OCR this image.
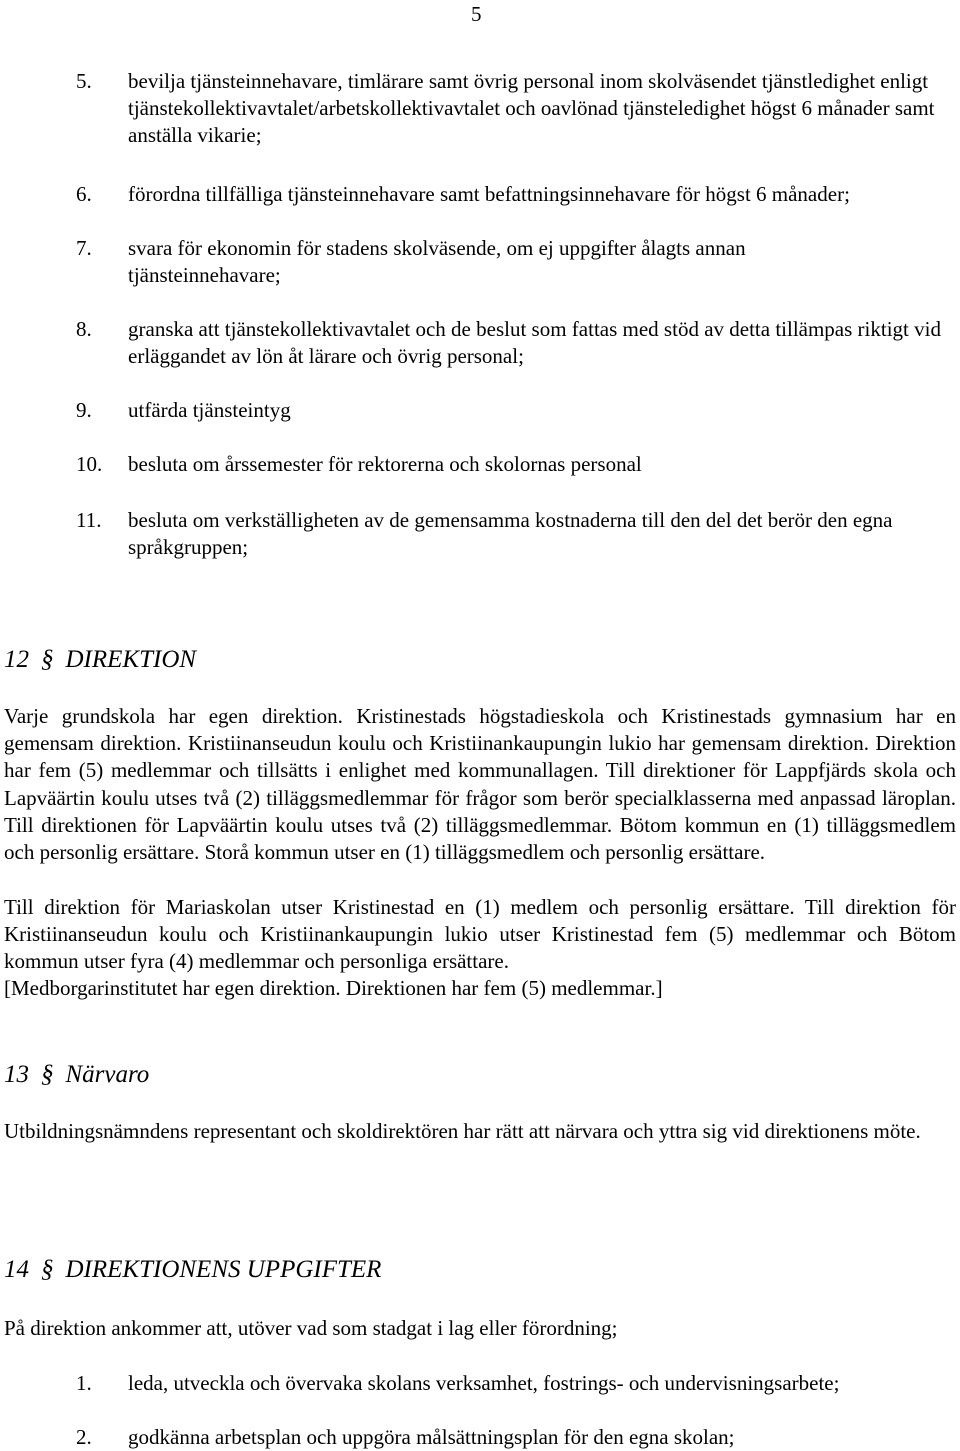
5
5. bevilja tjänsteinnehavare, timlärare samt övrig personal inom skolväsendet tjänstledighet enligt tjänstekollektivavtalet/arbetskollektivavtalet och oavlönad tjänsteledighet högst 6 månader samt anställa vikarie;
6. förordna tillfälliga tjänsteinnehavare samt befattningsinnehavare för högst 6 månader;
7. svara för ekonomin för stadens skolväsende, om ej uppgifter ålagts annan tjänsteinnehavare;
8. granska att tjänstekollektivavtalet och de beslut som fattas med stöd av detta tillämpas riktigt vid erläggandet av lön åt lärare och övrig personal;
9. utfärda tjänsteintyg
10. besluta om årssemester för rektorerna och skolornas personal
11. besluta om verkställigheten av de gemensamma kostnaderna till den del det berör den egna språkgruppen;
12 § DIREKTION

Varje grundskola har egen direktion. Kristinestads högstadieskola och Kristinestads gymnasium har en gemensam direktion. Kristiinanseudun koulu och Kristiinankaupungin lukio har gemensam direktion. Direktion har fem (5) medlemmar och tillsätts i enlighet med kommunallagen. Till direktioner för Lappfjärds skola och Lapväärtin koulu utses två (2) tilläggsmedlemmar för frågor som berör specialklasserna med anpassad läroplan. Till direktionen för Lapväärtin koulu utses två (2) tilläggsmedlemmar. Bötom kommun en (1) tilläggsmedlem och personlig ersättare. Storå kommun utser en (1) tilläggsmedlem och personlig ersättare.

Till direktion för Mariaskolan utser Kristinestad en (1) medlem och personlig ersättare. Till direktion för Kristiinanseudun koulu och Kristiinankaupungin lukio utser Kristinestad fem (5) medlemmar och Bötom kommun utser fyra (4) medlemmar och personliga ersättare.

[Medborgarinstitutet har egen direktion. Direktionen har fem (5) medlemmar.]

13 § Närvaro

Utbildningsnämndens representant och skoldirektören har rätt att närvara och yttra sig vid direktionens möte.

14 § DIREKTIONENS UPPGIFTER

På direktion ankommer att, utöver vad som stadgat i lag eller förordning;

1. leda, utveckla och övervaka skolans verksamhet, fostrings- och undervisningsarbete;
2. godkänna arbetsplan och uppgöra målsättningsplan för den egna skolan;
